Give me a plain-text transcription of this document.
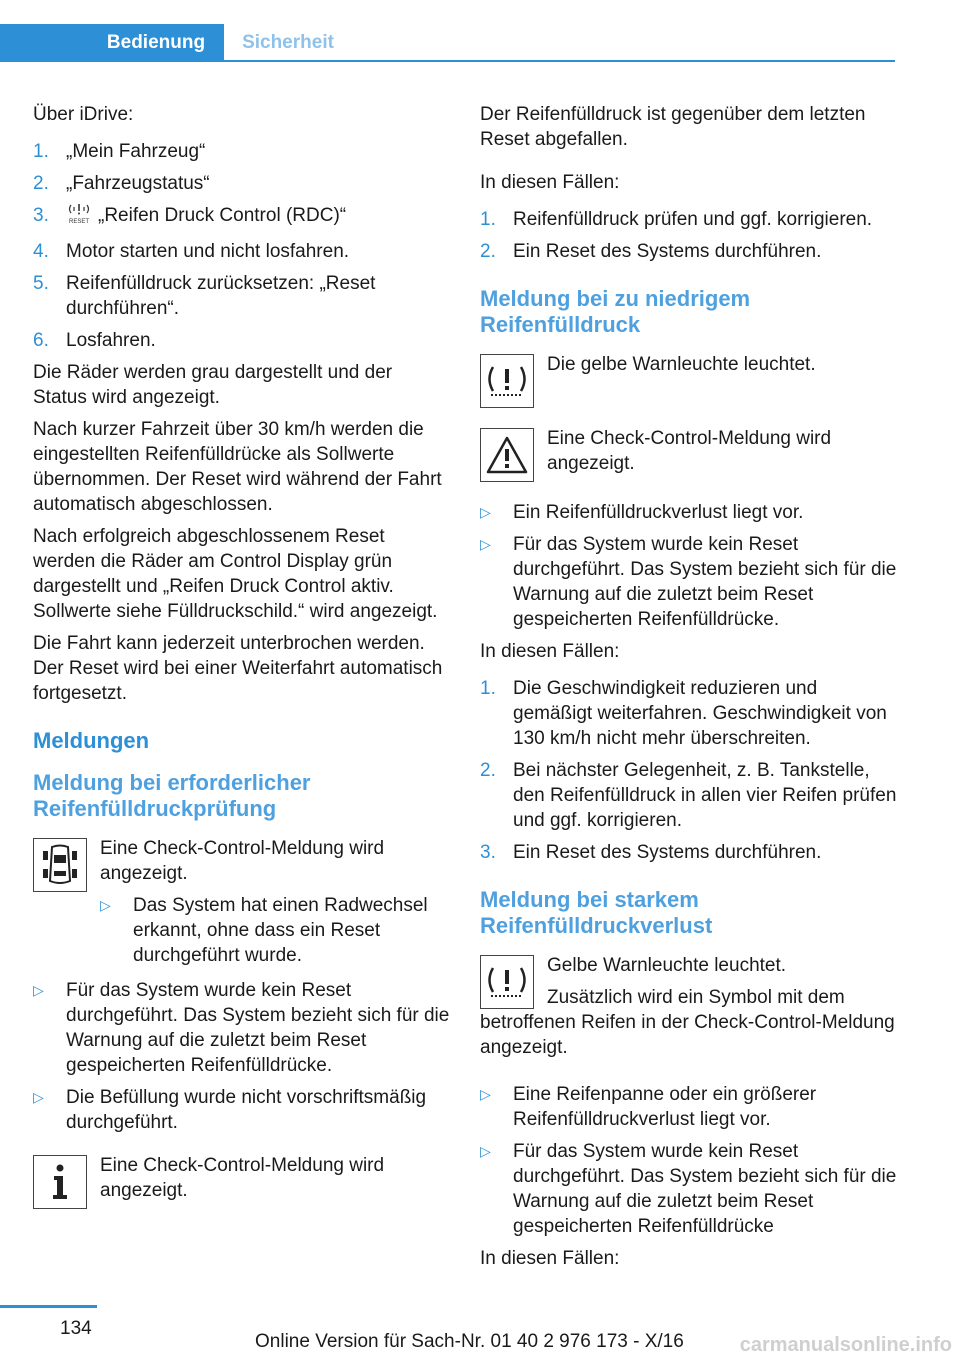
Bedienung	Sicherheit

Über iDrive:

1. „Mein Fahrzeug“
2. „Fahrzeugstatus“
3.	RESET „Reifen Druck Control (RDC)“
4. Motor starten und nicht losfahren.
5. Reifenfülldruck zurücksetzen: „Reset durchführen“.
6. Losfahren.

Die Räder werden grau dargestellt und der Status wird angezeigt.

Nach kurzer Fahrzeit über 30 km/h werden die eingestellten Reifenfülldrücke als Sollwerte übernommen. Der Reset wird während der Fahrt automatisch abgeschlossen.

Nach erfolgreich abgeschlossenem Reset werden die Räder am Control Display grün dargestellt und „Reifen Druck Control aktiv. Sollwerte siehe Fülldruckschild.“ wird angezeigt.

Die Fahrt kann jederzeit unterbrochen werden. Der Reset wird bei einer Weiterfahrt automatisch fortgesetzt.

Meldungen
Meldung bei erforderlicher Reifenfülldruckprüfung
Eine Check-Control-Meldung wird angezeigt.
▷ Das System hat einen Radwechsel erkannt, ohne dass ein Reset durchgeführt wurde.
▷ Für das System wurde kein Reset durchgeführt. Das System bezieht sich für die Warnung auf die zuletzt beim Reset gespeicherten Reifenfülldrücke.
▷ Die Befüllung wurde nicht vorschriftsmäßig durchgeführt.
Eine Check-Control-Meldung wird angezeigt.

Der Reifenfülldruck ist gegenüber dem letzten Reset abgefallen.

In diesen Fällen:

1. Reifenfülldruck prüfen und ggf. korrigieren.
2. Ein Reset des Systems durchführen.
Meldung bei zu niedrigem Reifenfülldruck
Die gelbe Warnleuchte leuchtet.
Eine Check-Control-Meldung wird angezeigt.
▷ Ein Reifenfülldruckverlust liegt vor.
▷ Für das System wurde kein Reset durchgeführt. Das System bezieht sich für die Warnung auf die zuletzt beim Reset gespeicherten Reifenfülldrücke.

In diesen Fällen:

1. Die Geschwindigkeit reduzieren und gemäßigt weiterfahren. Geschwindigkeit von 130 km/h nicht mehr überschreiten.
2. Bei nächster Gelegenheit, z. B. Tankstelle, den Reifenfülldruck in allen vier Reifen prüfen und ggf. korrigieren.
3. Ein Reset des Systems durchführen.
Meldung bei starkem Reifenfülldruckverlust
Gelbe Warnleuchte leuchtet.
Zusätzlich wird ein Symbol mit dem betroffenen Reifen in der Check-Control-Meldung angezeigt.
▷ Eine Reifenpanne oder ein größerer Reifenfülldruckverlust liegt vor.
▷ Für das System wurde kein Reset durchgeführt. Das System bezieht sich für die Warnung auf die zuletzt beim Reset gespeicherten Reifenfülldrücke

In diesen Fällen:

134
Online Version für Sach-Nr. 01 40 2 976 173 - X/16	carmanualsonline.info
